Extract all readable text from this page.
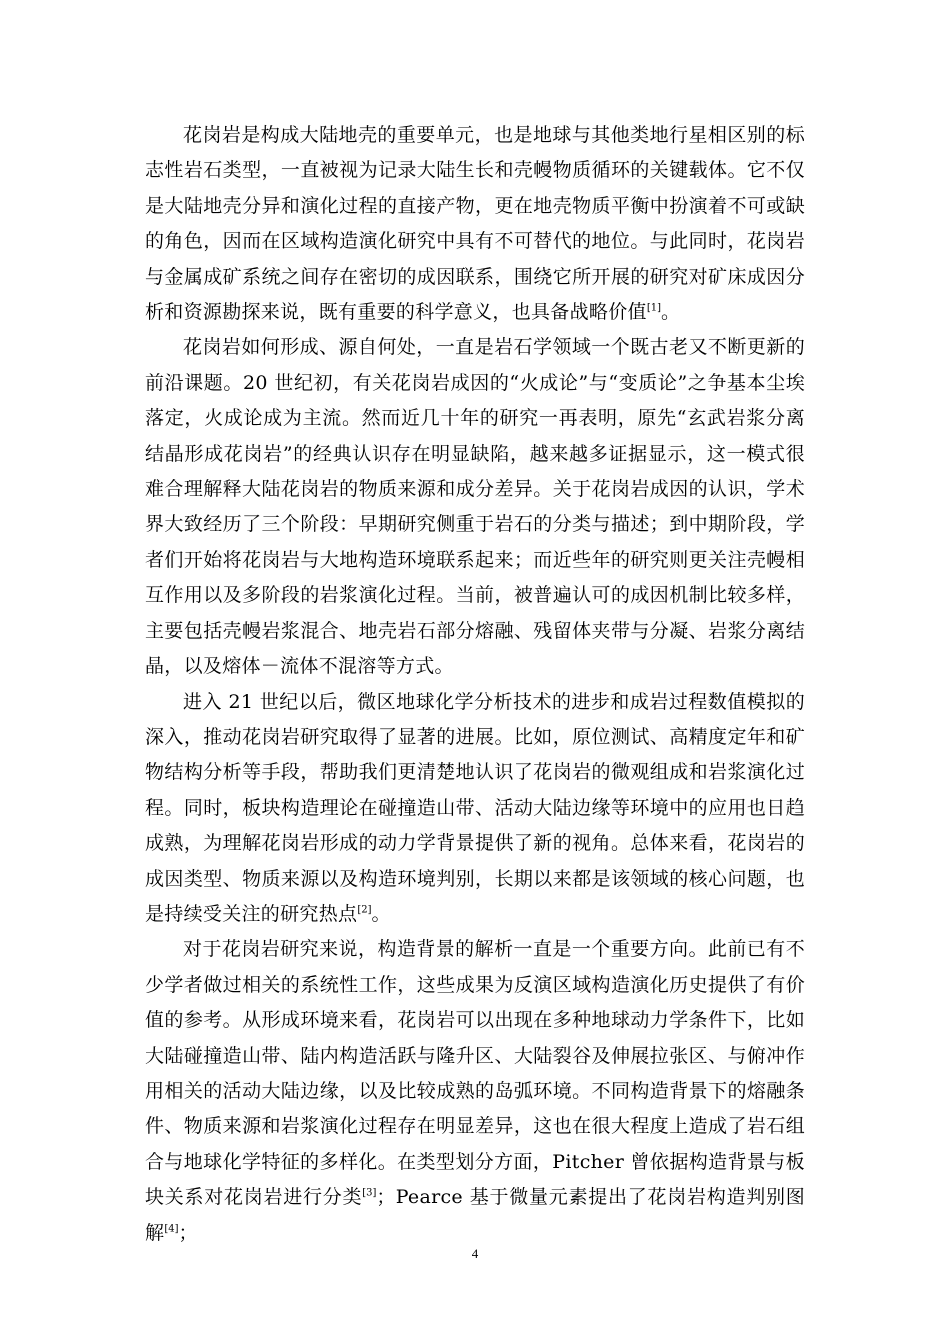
花岗岩是构成大陆地壳的重要单元，也是地球与其他类地行星相区别的标志性岩石类型，一直被视为记录大陆生长和壳幔物质循环的关键载体。它不仅是大陆地壳分异和演化过程的直接产物，更在地壳物质平衡中扮演着不可或缺的角色，因而在区域构造演化研究中具有不可替代的地位。与此同时，花岗岩与金属成矿系统之间存在密切的成因联系，围绕它所开展的研究对矿床成因分析和资源勘探来说，既有重要的科学意义，也具备战略价值[1]。

花岗岩如何形成、源自何处，一直是岩石学领域一个既古老又不断更新的前沿课题。20 世纪初，有关花岗岩成因的“火成论”与“变质论”之争基本尘埃落定，火成论成为主流。然而近几十年的研究一再表明，原先“玄武岩浆分离结晶形成花岗岩”的经典认识存在明显缺陷，越来越多证据显示，这一模式很难合理解释大陆花岗岩的物质来源和成分差异。关于花岗岩成因的认识，学术界大致经历了三个阶段：早期研究侧重于岩石的分类与描述；到中期阶段，学者们开始将花岗岩与大地构造环境联系起来；而近些年的研究则更关注壳幔相互作用以及多阶段的岩浆演化过程。当前，被普遍认可的成因机制比较多样，主要包括壳幔岩浆混合、地壳岩石部分熔融、残留体夹带与分凝、岩浆分离结晶，以及熔体－流体不混溶等方式。

进入 21 世纪以后，微区地球化学分析技术的进步和成岩过程数值模拟的深入，推动花岗岩研究取得了显著的进展。比如，原位测试、高精度定年和矿物结构分析等手段，帮助我们更清楚地认识了花岗岩的微观组成和岩浆演化过程。同时，板块构造理论在碰撞造山带、活动大陆边缘等环境中的应用也日趋成熟，为理解花岗岩形成的动力学背景提供了新的视角。总体来看，花岗岩的成因类型、物质来源以及构造环境判别，长期以来都是该领域的核心问题，也是持续受关注的研究热点[2]。

对于花岗岩研究来说，构造背景的解析一直是一个重要方向。此前已有不少学者做过相关的系统性工作，这些成果为反演区域构造演化历史提供了有价值的参考。从形成环境来看，花岗岩可以出现在多种地球动力学条件下，比如大陆碰撞造山带、陆内构造活跃与隆升区、大陆裂谷及伸展拉张区、与俯冲作用相关的活动大陆边缘，以及比较成熟的岛弧环境。不同构造背景下的熔融条件、物质来源和岩浆演化过程存在明显差异，这也在很大程度上造成了岩石组合与地球化学特征的多样化。在类型划分方面，Pitcher 曾依据构造背景与板块关系对花岗岩进行分类[3]；Pearce 基于微量元素提出了花岗岩构造判别图解[4]；

4
